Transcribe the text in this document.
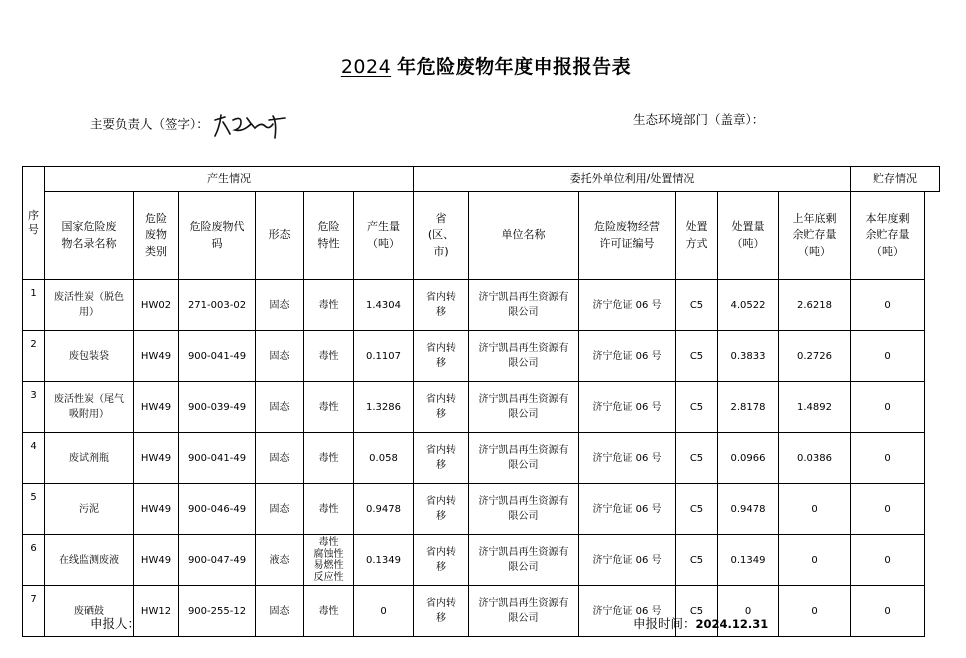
2024 年危险废物年度申报报告表
主要负责人（签字）：	生态环境部门（盖章）：
序号	产生情况						委托外单位利用/处置情况						贮存情况
	国家危险废物名录名称	危险废物类别	危险废物代码	形态	危险特性	产生量（吨）	省(区、市)	单位名称	危险废物经营许可证编号	处置方式	处置量（吨）	上年底剩余贮存量（吨）	本年度剩余贮存量（吨）
1	废活性炭（脱色用）	HW02	271-003-02	固态	毒性	1.4304	省内转移	济宁凯昌再生资源有限公司	济宁危证 06 号	C5	4.0522	2.6218	0
2	废包装袋	HW49	900-041-49	固态	毒性	0.1107	省内转移	济宁凯昌再生资源有限公司	济宁危证 06 号	C5	0.3833	0.2726	0
3	废活性炭（尾气吸附用）	HW49	900-039-49	固态	毒性	1.3286	省内转移	济宁凯昌再生资源有限公司	济宁危证 06 号	C5	2.8178	1.4892	0
4	废试剂瓶	HW49	900-041-49	固态	毒性	0.058	省内转移	济宁凯昌再生资源有限公司	济宁危证 06 号	C5	0.0966	0.0386	0
5	污泥	HW49	900-046-49	固态	毒性	0.9478	省内转移	济宁凯昌再生资源有限公司	济宁危证 06 号	C5	0.9478	0	0
6	在线监测废液	HW49	900-047-49	液态	毒性
腐蚀性
易燃性
反应性	0.1349	省内转移	济宁凯昌再生资源有限公司	济宁危证 06 号	C5	0.1349	0	0
7	废硒鼓	HW12	900-255-12	固态	毒性	0	省内转移	济宁凯昌再生资源有限公司	济宁危证 06 号	C5	0	0	0
申报人：	申报时间：2024.12.31
